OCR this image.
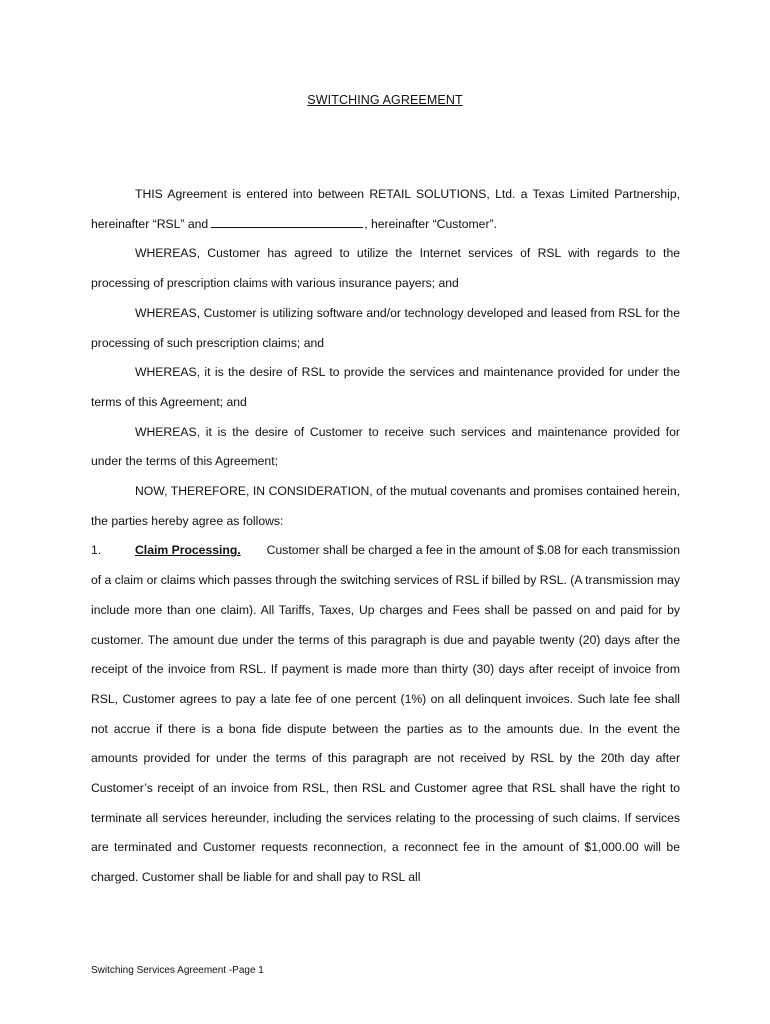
SWITCHING AGREEMENT

THIS Agreement is entered into between RETAIL SOLUTIONS, Ltd. a Texas Limited Partnership, hereinafter “RSL” and	, hereinafter “Customer”.

WHEREAS, Customer has agreed to utilize the Internet services of RSL with regards to the processing of prescription claims with various insurance payers; and

WHEREAS, Customer is utilizing software and/or technology developed and leased from RSL for the processing of such prescription claims; and

WHEREAS, it is the desire of RSL to provide the services and maintenance provided for under the terms of this Agreement; and

WHEREAS, it is the desire of Customer to receive such services and maintenance provided for under the terms of this Agreement;

NOW, THEREFORE, IN CONSIDERATION, of the mutual covenants and promises contained herein, the parties hereby agree as follows:

1.	Claim Processing. Customer shall be charged a fee in the amount of $.08 for each transmission of a claim or claims which passes through the switching services of RSL if billed by RSL. (A transmission may include more than one claim). All Tariffs, Taxes, Up charges and Fees shall be passed on and paid for by customer. The amount due under the terms of this paragraph is due and payable twenty (20) days after the receipt of the invoice from RSL. If payment is made more than thirty (30) days after receipt of invoice from RSL, Customer agrees to pay a late fee of one percent (1%) on all delinquent invoices. Such late fee shall not accrue if there is a bona fide dispute between the parties as to the amounts due. In the event the amounts provided for under the terms of this paragraph are not received by RSL by the 20th day after Customer’s receipt of an invoice from RSL, then RSL and Customer agree that RSL shall have the right to terminate all services hereunder, including the services relating to the processing of such claims. If services are terminated and Customer requests reconnection, a reconnect fee in the amount of $1,000.00 will be charged. Customer shall be liable for and shall pay to RSL all

Switching Services Agreement -Page 1
